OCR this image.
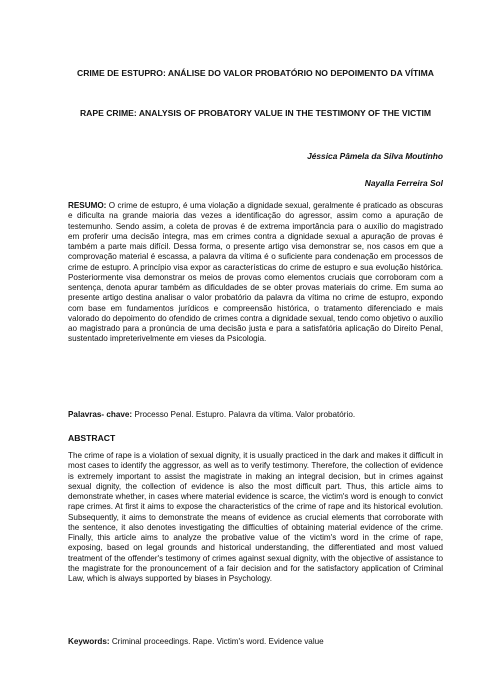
CRIME DE ESTUPRO: ANÁLISE DO VALOR PROBATÓRIO NO DEPOIMENTO DA VÍTIMA

RAPE CRIME: ANALYSIS OF PROBATORY VALUE IN THE TESTIMONY OF THE VICTIM

Jéssica Pâmela da Silva Moutinho
Nayalla Ferreira Sol

RESUMO: O crime de estupro, é uma violação a dignidade sexual, geralmente é praticado as obscuras e dificulta na grande maioria das vezes a identificação do agressor, assim como a apuração de testemunho. Sendo assim, a coleta de provas é de extrema importância para o auxílio do magistrado em proferir uma decisão íntegra, mas em crimes contra a dignidade sexual a apuração de provas é também a parte mais difícil. Dessa forma, o presente artigo visa demonstrar se, nos casos em que a comprovação material é escassa, a palavra da vítima é o suficiente para condenação em processos de crime de estupro. A princípio visa expor as características do crime de estupro e sua evolução histórica. Posteriormente visa demonstrar os meios de provas como elementos cruciais que corroboram com a sentença, denota apurar também as dificuldades de se obter provas materiais do crime. Em suma ao presente artigo destina analisar o valor probatório da palavra da vítima no crime de estupro, expondo com base em fundamentos jurídicos e compreensão histórica, o tratamento diferenciado e mais valorado do depoimento do ofendido de crimes contra a dignidade sexual, tendo como objetivo o auxílio ao magistrado para a pronúncia de uma decisão justa e para a satisfatória aplicação do Direito Penal, sustentado impreterivelmente em vieses da Psicologia.

Palavras- chave: Processo Penal. Estupro. Palavra da vítima. Valor probatório.

ABSTRACT

The crime of rape is a violation of sexual dignity, it is usually practiced in the dark and makes it difficult in most cases to identify the aggressor, as well as to verify testimony. Therefore, the collection of evidence is extremely important to assist the magistrate in making an integral decision, but in crimes against sexual dignity, the collection of evidence is also the most difficult part. Thus, this article aims to demonstrate whether, in cases where material evidence is scarce, the victim's word is enough to convict rape crimes. At first it aims to expose the characteristics of the crime of rape and its historical evolution. Subsequently, it aims to demonstrate the means of evidence as crucial elements that corroborate with the sentence, it also denotes investigating the difficulties of obtaining material evidence of the crime. Finally, this article aims to analyze the probative value of the victim's word in the crime of rape, exposing, based on legal grounds and historical understanding, the differentiated and most valued treatment of the offender's testimony of crimes against sexual dignity, with the objective of assistance to the magistrate for the pronouncement of a fair decision and for the satisfactory application of Criminal Law, which is always supported by biases in Psychology.

Keywords: Criminal proceedings. Rape. Victim's word. Evidence value
